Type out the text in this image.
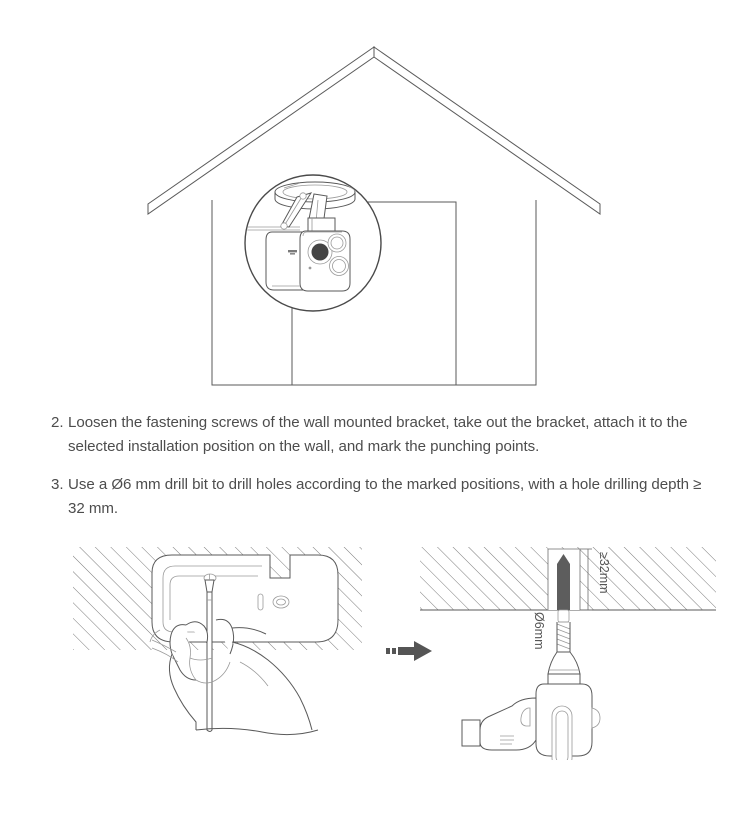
2. Loosen the fastening screws of the wall mounted bracket, take out the bracket, attach it to the selected installation position on the wall, and mark the punching points.
3. Use a Ø6 mm drill bit to drill holes according to the marked positions, with a hole drilling depth ≥ 32 mm.
≥32mm
Ø6mm
